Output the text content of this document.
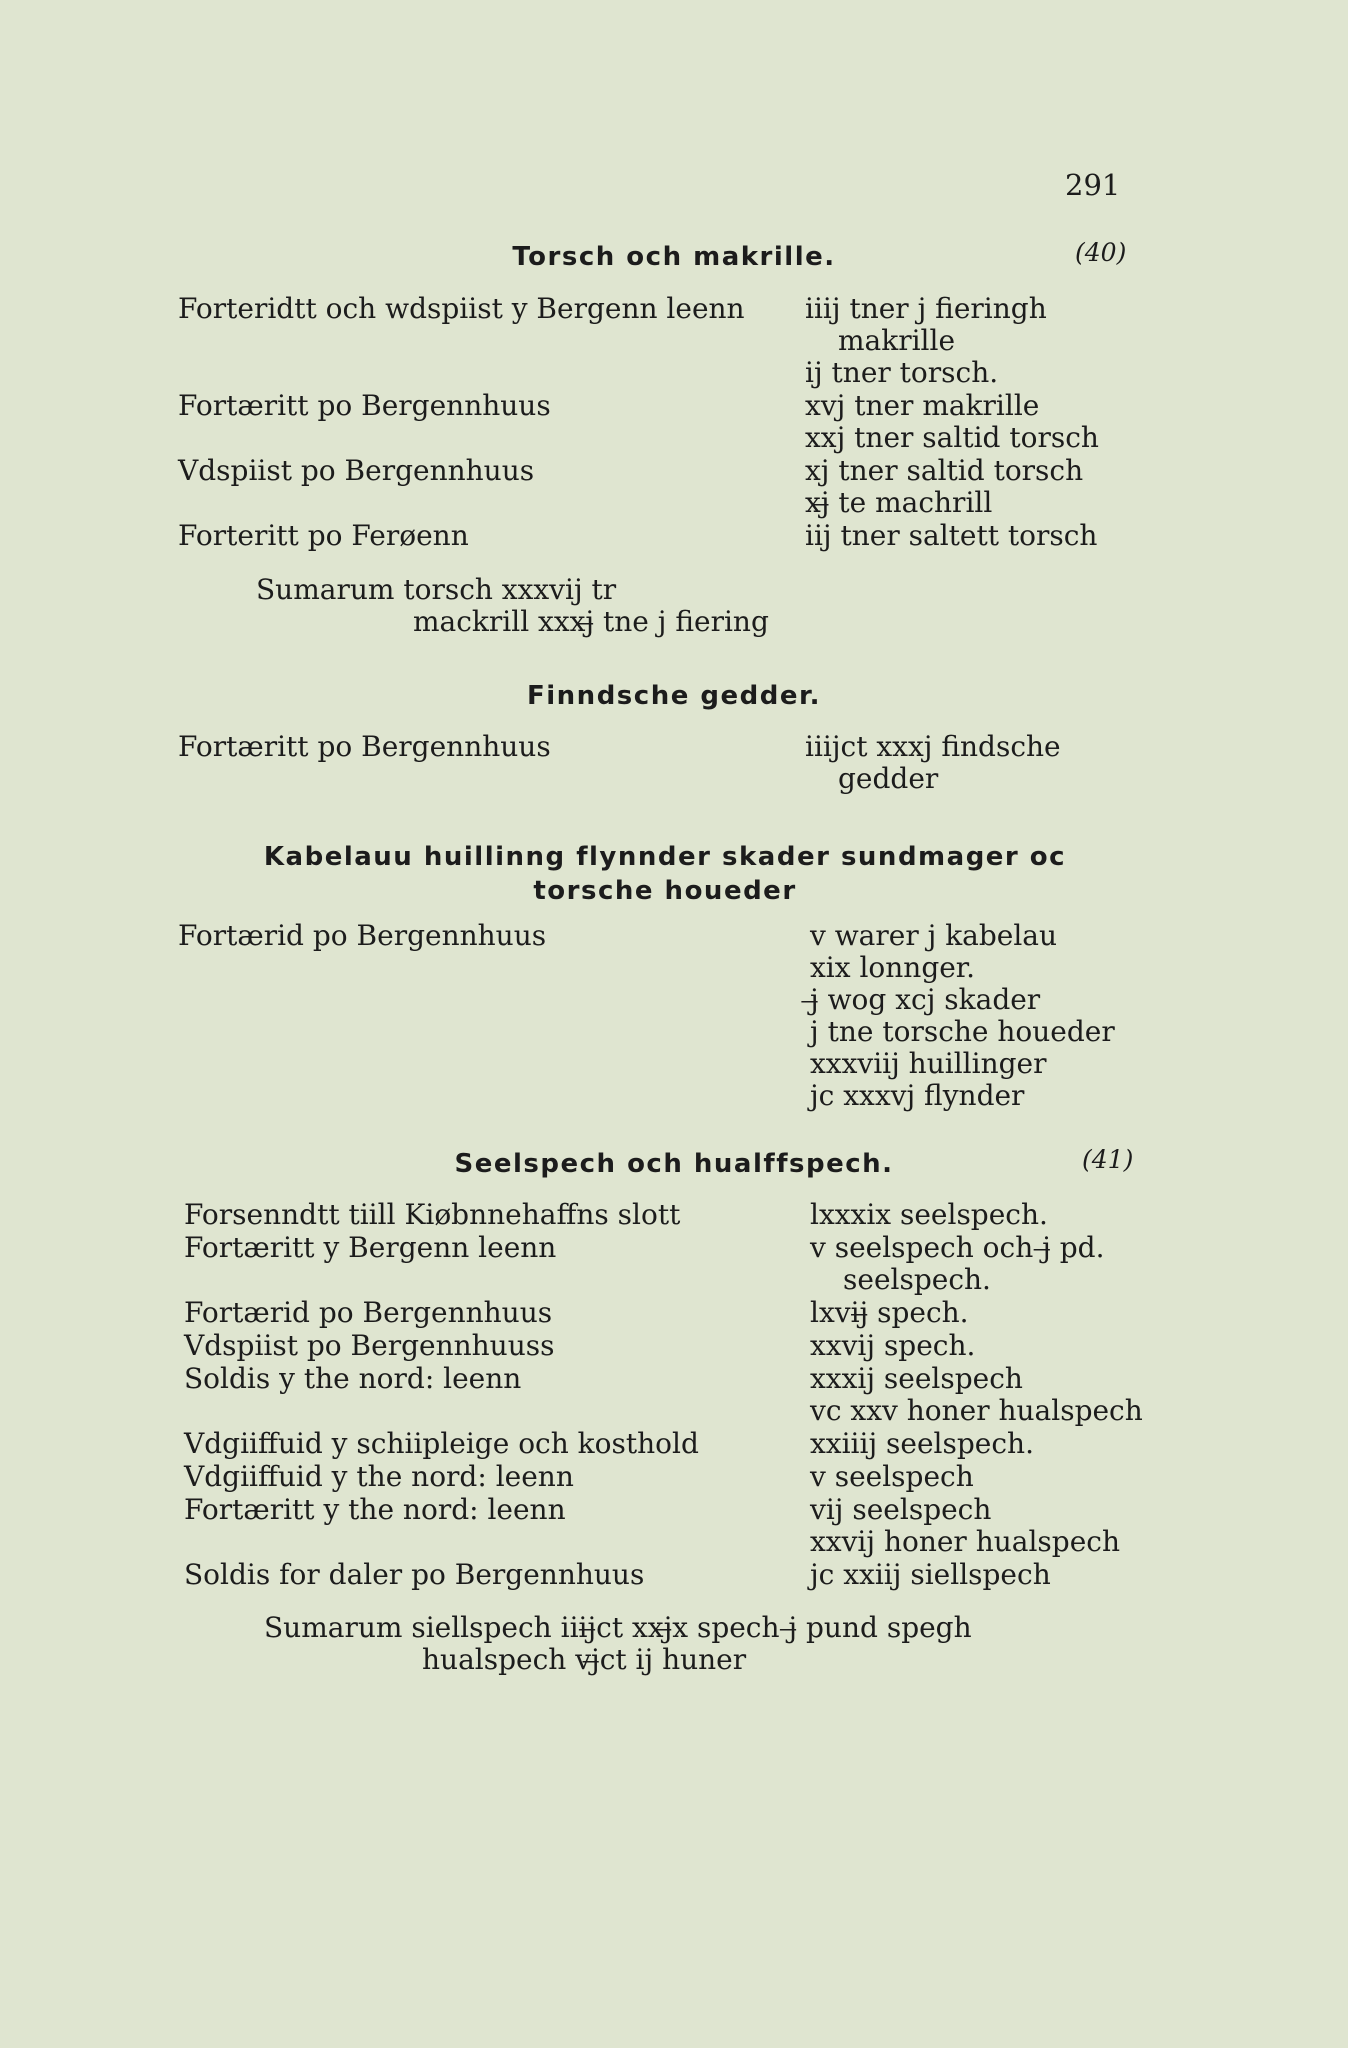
291
Torsch och makrille.	(40)
Forteridtt och wdspiist y Bergenn leenn iiij tner j fieringh
makrille
ij tner torsch.
Fortæritt po Bergennhuus	xvj tner makrille
xxj tner saltid torsch
Vdspiist po Bergennhuus	xj tner saltid torsch
xj̶ te machrill
Forteritt po Ferøenn	iij tner saltett torsch
Sumarum torsch xxxvij tr
mackrill xxxj̶ tne j fiering
Finndsche gedder.
Fortæritt po Bergennhuus	iiijct xxxj findsche
gedder
Kabelauu huillinng flynnder skader sundmager oc torsche houeder
Fortærid po Bergennhuus	v warer j kabelau
xix lonnger.
j̶ wog xcj skader
j tne torsche houeder
xxxviij huillinger
jc xxxvj flynder
Seelspech och hualffspech.	(41)
Forsenndtt tiill Kiøbnnehaffns slott	lxxxix seelspech.
Fortæritt y Bergenn leenn	v seelspech och j̶ pd.
seelspech.
Fortærid po Bergennhuus	lxvij̶ spech.
Vdspiist po Bergennhuuss	xxvij spech.
Soldis y the nord: leenn	xxxij seelspech
vc xxv honer hualspech
Vdgiiffuid y schiipleige och kosthold	xxiiij seelspech.
Vdgiiffuid y the nord: leenn	v seelspech
Fortæritt y the nord: leenn	vij seelspech
xxvij honer hualspech
Soldis for daler po Bergennhuus	jc xxiij siellspech
Sumarum siellspech iiij̶ct xxj̶x spech j̶ pund spegh
hualspech vj̶ct ij huner
